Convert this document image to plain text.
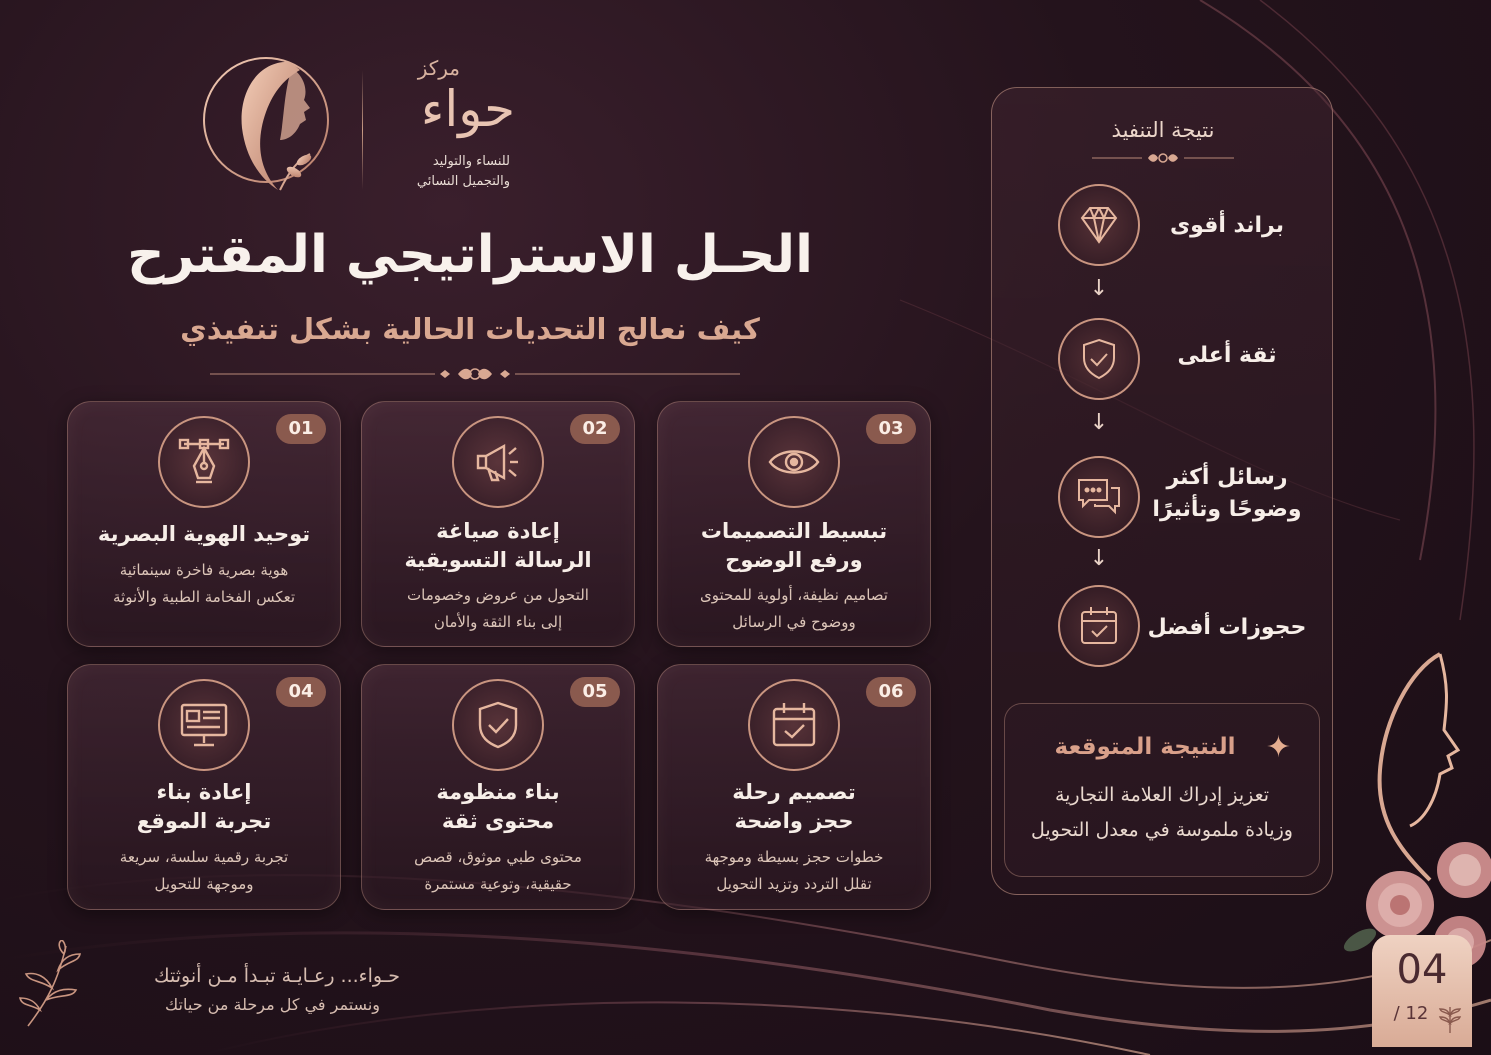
مركز
حواء
للنساء والتوليد
والتجميل النسائي
الحـل الاستراتيجي المقترح
كيف نعالج التحديات الحالية بشكل تنفيذي
01
توحيد الهوية البصرية
هوية بصرية فاخرة سينمائية
تعكس الفخامة الطبية والأنوثة
02
إعادة صياغة
الرسالة التسويقية
التحول من عروض وخصومات
إلى بناء الثقة والأمان
03
تبسيط التصميمات
ورفع الوضوح
تصاميم نظيفة، أولوية للمحتوى
ووضوح في الرسائل
04
إعادة بناء
تجربة الموقع
تجربة رقمية سلسة، سريعة
وموجهة للتحويل
05
بناء منظومة
محتوى ثقة
محتوى طبي موثوق، قصص
حقيقية، وتوعية مستمرة
06
تصميم رحلة
حجز واضحة
خطوات حجز بسيطة وموجهة
تقلل التردد وتزيد التحويل
نتيجة التنفيذ
براند أقوى
↓
ثقة أعلى
↓
رسائل أكثر
وضوحًا وتأثيرًا
↓
حجوزات أفضل
✦
النتيجة المتوقعة
تعزيز إدراك العلامة التجارية
وزيادة ملموسة في معدل التحويل
حـواء... رعـايـة تبـدأ مـن أنوثتك
ونستمر في كل مرحلة من حياتك
04
/ 12
